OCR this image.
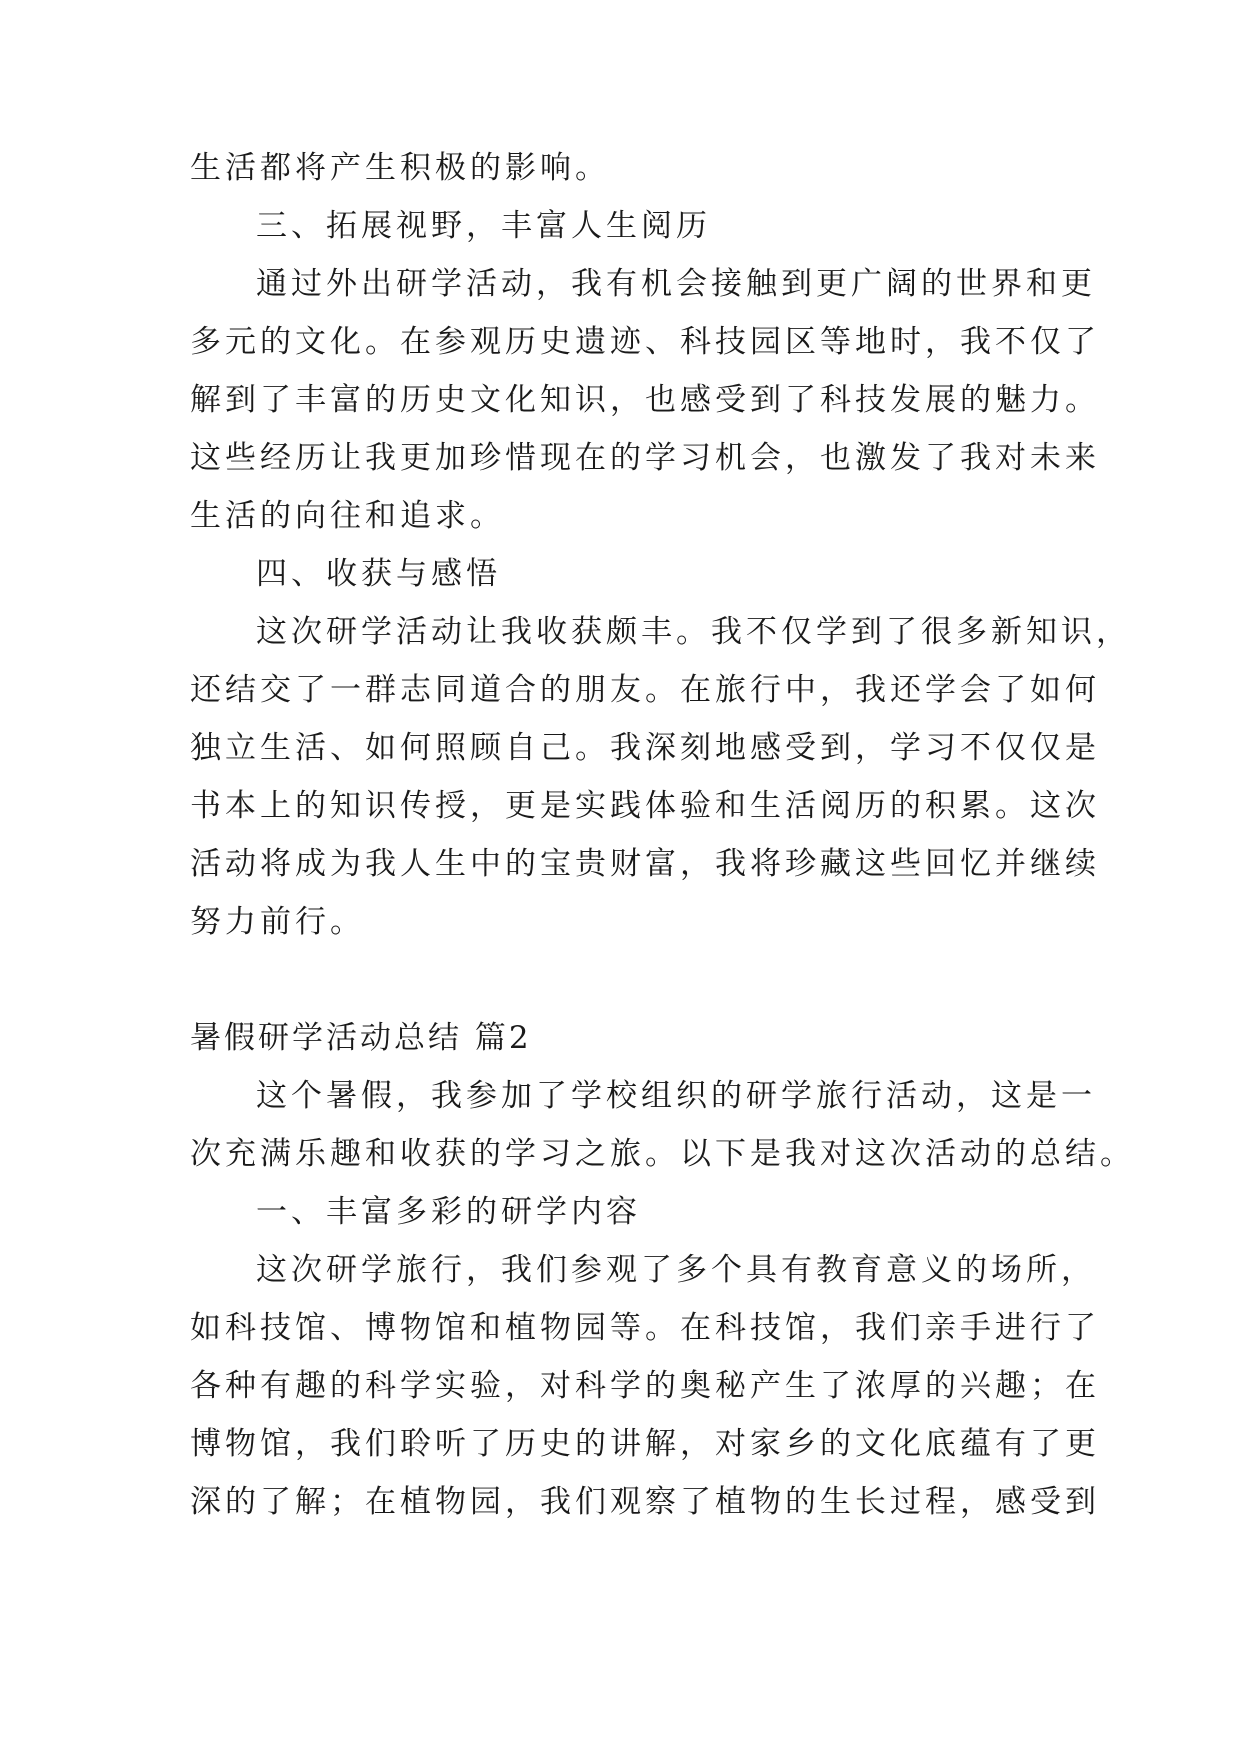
生活都将产生积极的影响。
三、拓展视野，丰富人生阅历
通过外出研学活动，我有机会接触到更广阔的世界和更
多元的文化。在参观历史遗迹、科技园区等地时，我不仅了
解到了丰富的历史文化知识，也感受到了科技发展的魅力。
这些经历让我更加珍惜现在的学习机会，也激发了我对未来
生活的向往和追求。
四、收获与感悟
这次研学活动让我收获颇丰。我不仅学到了很多新知识，
还结交了一群志同道合的朋友。在旅行中，我还学会了如何
独立生活、如何照顾自己。我深刻地感受到，学习不仅仅是
书本上的知识传授，更是实践体验和生活阅历的积累。这次
活动将成为我人生中的宝贵财富，我将珍藏这些回忆并继续
努力前行。
暑假研学活动总结 篇2
这个暑假，我参加了学校组织的研学旅行活动，这是一
次充满乐趣和收获的学习之旅。以下是我对这次活动的总结。
一、丰富多彩的研学内容
这次研学旅行，我们参观了多个具有教育意义的场所，
如科技馆、博物馆和植物园等。在科技馆，我们亲手进行了
各种有趣的科学实验，对科学的奥秘产生了浓厚的兴趣；在
博物馆，我们聆听了历史的讲解，对家乡的文化底蕴有了更
深的了解；在植物园，我们观察了植物的生长过程，感受到
